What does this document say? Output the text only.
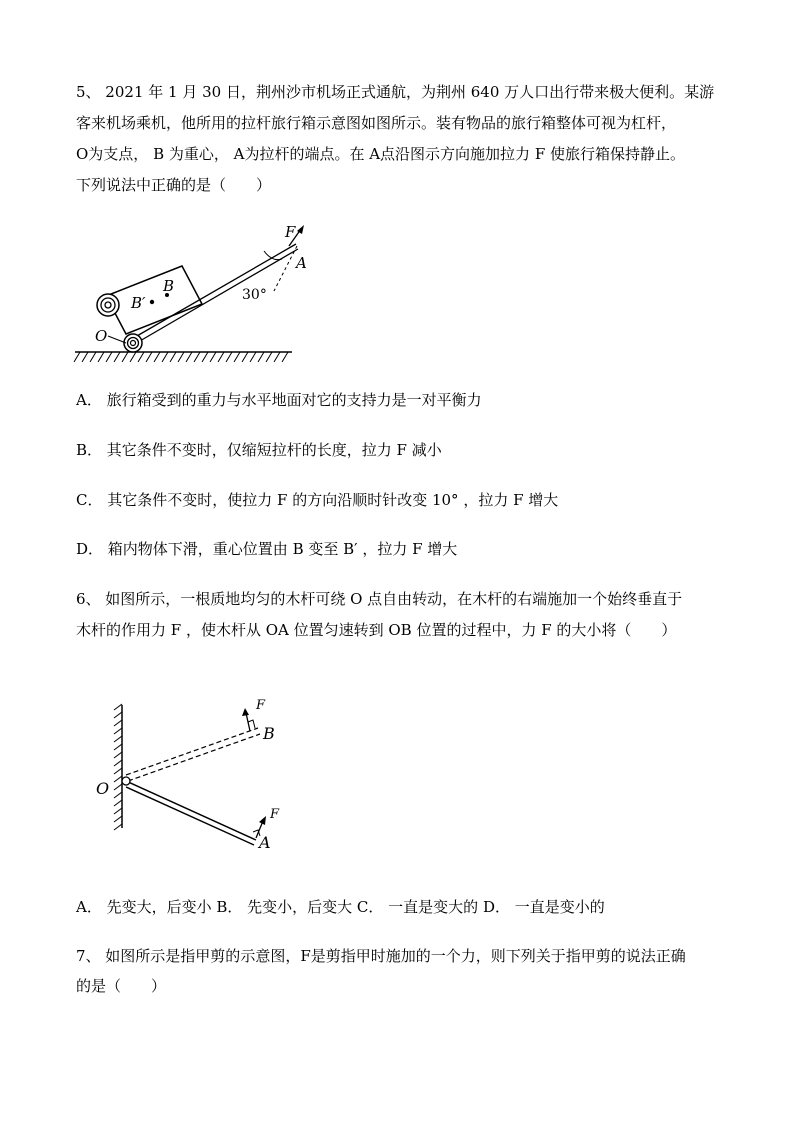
5、 2021 年 1 月 30 日，荆州沙市机场正式通航，为荆州 640 万人口出行带来极大便利。某游
客来机场乘机，他所用的拉杆旅行箱示意图如图所示。装有物品的旅行箱整体可视为杠杆，
O为支点， B 为重心， A为拉杆的端点。在 A点沿图示方向施加拉力 F 使旅行箱保持静止。
下列说法中正确的是（　　）
F
A
B
B′
O
30°
A． 旅行箱受到的重力与水平地面对它的支持力是一对平衡力
B． 其它条件不变时，仅缩短拉杆的长度，拉力 F 减小
C． 其它条件不变时，使拉力 F 的方向沿顺时针改变 10° ，拉力 F 增大
D． 箱内物体下滑，重心位置由 B 变至 B′ ，拉力 F 增大
6、 如图所示，一根质地均匀的木杆可绕 O 点自由转动，在木杆的右端施加一个始终垂直于
木杆的作用力 F ，使木杆从 OA 位置匀速转到 OB 位置的过程中，力 F 的大小将（　　）
F
B
O
F
A
A． 先变大，后变小 B． 先变小，后变大 C． 一直是变大的 D． 一直是变小的
7、 如图所示是指甲剪的示意图，F是剪指甲时施加的一个力，则下列关于指甲剪的说法正确
的是（　　）
